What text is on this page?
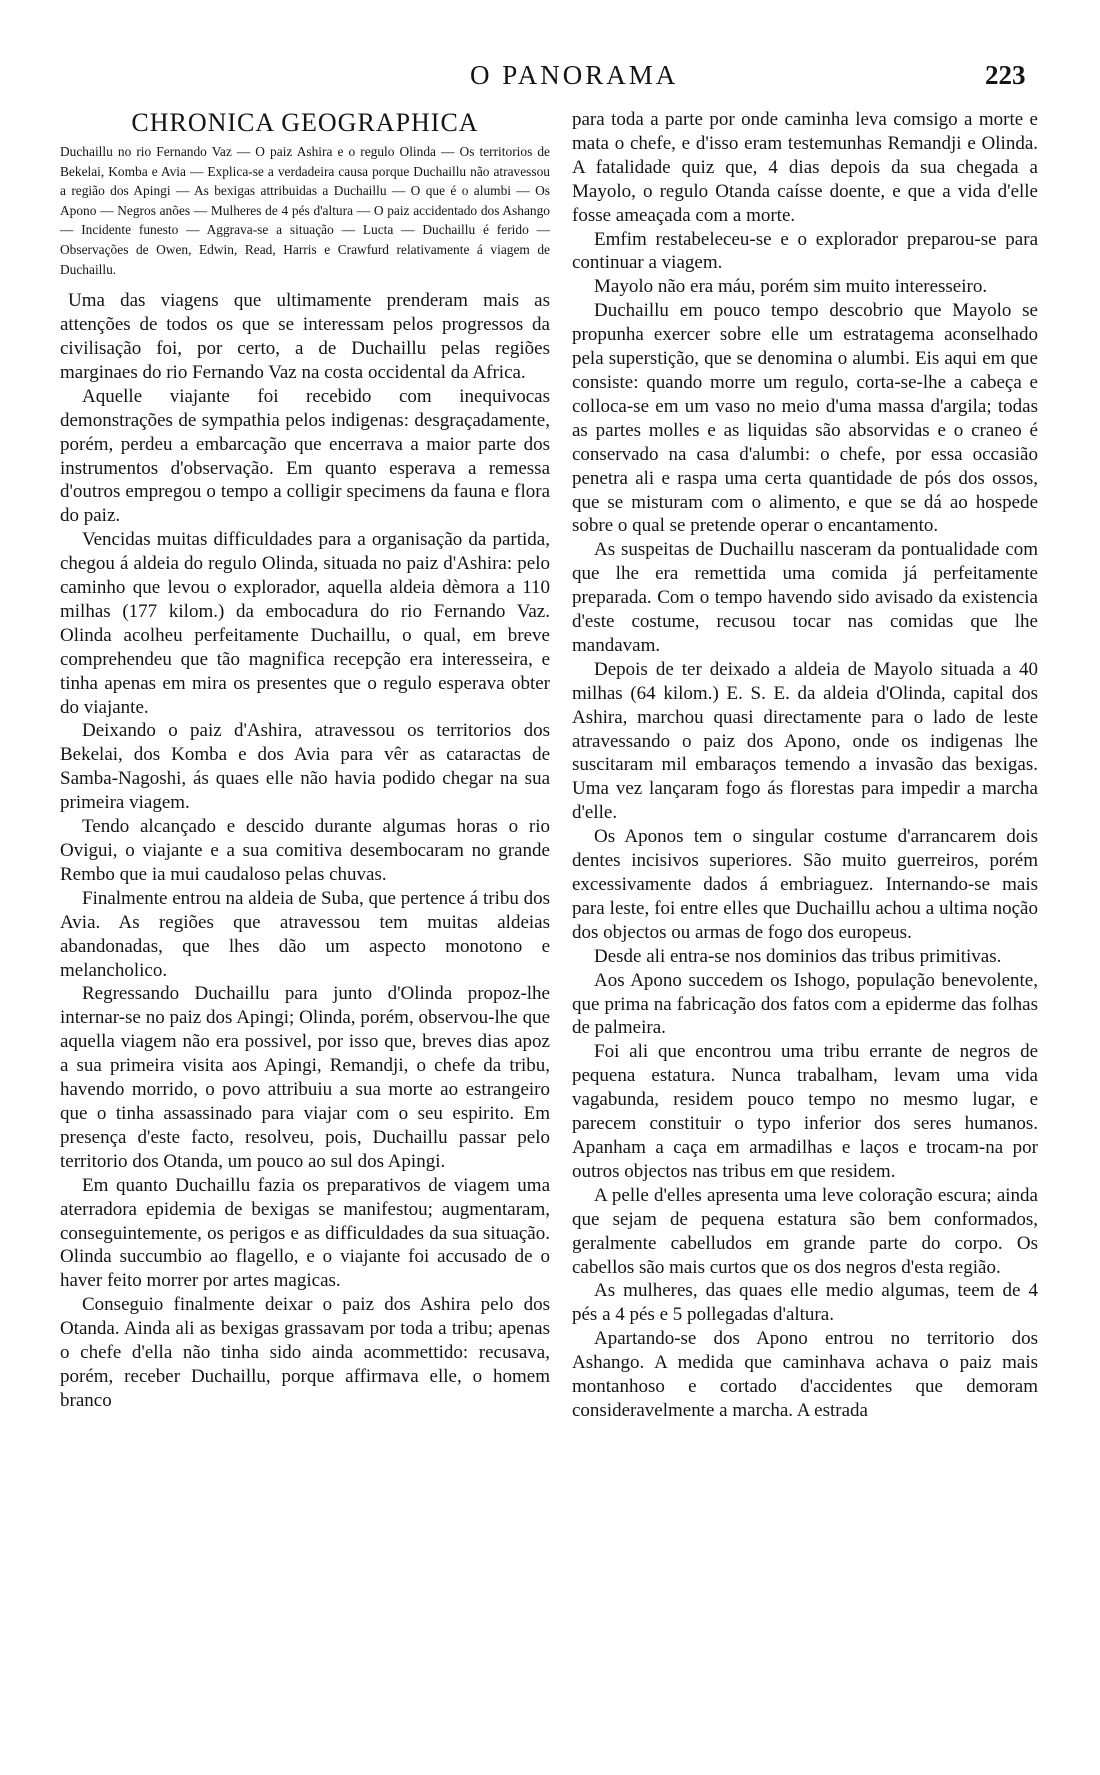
O PANORAMA	223
CHRONICA GEOGRAPHICA

Duchaillu no rio Fernando Vaz — O paiz Ashira e o regulo Olinda — Os territorios de Bekelai, Komba e Avia — Explica-se a verdadeira causa porque Duchaillu não atravessou a região dos Apingi — As bexigas attribuidas a Duchaillu — O que é o alumbi — Os Apono — Negros anões — Mulheres de 4 pés d'altura — O paiz accidentado dos Ashango — Incidente funesto — Aggrava-se a situação — Lucta — Duchaillu é ferido — Observações de Owen, Edwin, Read, Harris e Crawfurd relativamente á viagem de Duchaillu.

Uma das viagens que ultimamente prenderam mais as attenções de todos os que se interessam pelos progressos da civilisação foi, por certo, a de Duchaillu pelas regiões marginaes do rio Fernando Vaz na costa occidental da Africa.

Aquelle viajante foi recebido com inequivocas demonstrações de sympathia pelos indigenas: desgraçadamente, porém, perdeu a embarcação que encerrava a maior parte dos instrumentos d'observação. Em quanto esperava a remessa d'outros empregou o tempo a colligir specimens da fauna e flora do paiz.

Vencidas muitas difficuldades para a organisação da partida, chegou á aldeia do regulo Olinda, situada no paiz d'Ashira: pelo caminho que levou o explorador, aquella aldeia dèmora a 110 milhas (177 kilom.) da embocadura do rio Fernando Vaz. Olinda acolheu perfeitamente Duchaillu, o qual, em breve comprehendeu que tão magnifica recepção era interesseira, e tinha apenas em mira os presentes que o regulo esperava obter do viajante.

Deixando o paiz d'Ashira, atravessou os territorios dos Bekelai, dos Komba e dos Avia para vêr as cataractas de Samba-Nagoshi, ás quaes elle não havia podido chegar na sua primeira viagem.

Tendo alcançado e descido durante algumas horas o rio Ovigui, o viajante e a sua comitiva desembocaram no grande Rembo que ia mui caudaloso pelas chuvas.

Finalmente entrou na aldeia de Suba, que pertence á tribu dos Avia. As regiões que atravessou tem muitas aldeias abandonadas, que lhes dão um aspecto monotono e melancholico.

Regressando Duchaillu para junto d'Olinda propoz-lhe internar-se no paiz dos Apingi; Olinda, porém, observou-lhe que aquella viagem não era possivel, por isso que, breves dias apoz a sua primeira visita aos Apingi, Remandji, o chefe da tribu, havendo morrido, o povo attribuiu a sua morte ao estrangeiro que o tinha assassinado para viajar com o seu espirito. Em presença d'este facto, resolveu, pois, Duchaillu passar pelo territorio dos Otanda, um pouco ao sul dos Apingi.

Em quanto Duchaillu fazia os preparativos de viagem uma aterradora epidemia de bexigas se manifestou; augmentaram, conseguintemente, os perigos e as difficuldades da sua situação. Olinda succumbio ao flagello, e o viajante foi accusado de o haver feito morrer por artes magicas.

Conseguio finalmente deixar o paiz dos Ashira pelo dos Otanda. Ainda ali as bexigas grassavam por toda a tribu; apenas o chefe d'ella não tinha sido ainda acommettido: recusava, porém, receber Duchaillu, porque affirmava elle, o homem branco

para toda a parte por onde caminha leva comsigo a morte e mata o chefe, e d'isso eram testemunhas Remandji e Olinda. A fatalidade quiz que, 4 dias depois da sua chegada a Mayolo, o regulo Otanda caísse doente, e que a vida d'elle fosse ameaçada com a morte.

Emfim restabeleceu-se e o explorador preparou-se para continuar a viagem.

Mayolo não era máu, porém sim muito interesseiro.

Duchaillu em pouco tempo descobrio que Mayolo se propunha exercer sobre elle um estratagema aconselhado pela superstição, que se denomina o alumbi. Eis aqui em que consiste: quando morre um regulo, corta-se-lhe a cabeça e colloca-se em um vaso no meio d'uma massa d'argila; todas as partes molles e as liquidas são absorvidas e o craneo é conservado na casa d'alumbi: o chefe, por essa occasião penetra ali e raspa uma certa quantidade de pós dos ossos, que se misturam com o alimento, e que se dá ao hospede sobre o qual se pretende operar o encantamento.

As suspeitas de Duchaillu nasceram da pontualidade com que lhe era remettida uma comida já perfeitamente preparada. Com o tempo havendo sido avisado da existencia d'este costume, recusou tocar nas comidas que lhe mandavam.

Depois de ter deixado a aldeia de Mayolo situada a 40 milhas (64 kilom.) E. S. E. da aldeia d'Olinda, capital dos Ashira, marchou quasi directamente para o lado de leste atravessando o paiz dos Apono, onde os indigenas lhe suscitaram mil embaraços temendo a invasão das bexigas. Uma vez lançaram fogo ás florestas para impedir a marcha d'elle.

Os Aponos tem o singular costume d'arrancarem dois dentes incisivos superiores. São muito guerreiros, porém excessivamente dados á embriaguez. Internando-se mais para leste, foi entre elles que Duchaillu achou a ultima noção dos objectos ou armas de fogo dos europeus.

Desde ali entra-se nos dominios das tribus primitivas.

Aos Apono succedem os Ishogo, população benevolente, que prima na fabricação dos fatos com a epiderme das folhas de palmeira.

Foi ali que encontrou uma tribu errante de negros de pequena estatura. Nunca trabalham, levam uma vida vagabunda, residem pouco tempo no mesmo lugar, e parecem constituir o typo inferior dos seres humanos. Apanham a caça em armadilhas e laços e trocam-na por outros objectos nas tribus em que residem.

A pelle d'elles apresenta uma leve coloração escura; ainda que sejam de pequena estatura são bem conformados, geralmente cabelludos em grande parte do corpo. Os cabellos são mais curtos que os dos negros d'esta região.

As mulheres, das quaes elle medio algumas, teem de 4 pés a 4 pés e 5 pollegadas d'altura.

Apartando-se dos Apono entrou no territorio dos Ashango. A medida que caminhava achava o paiz mais montanhoso e cortado d'accidentes que demoram consideravelmente a marcha. A estrada
